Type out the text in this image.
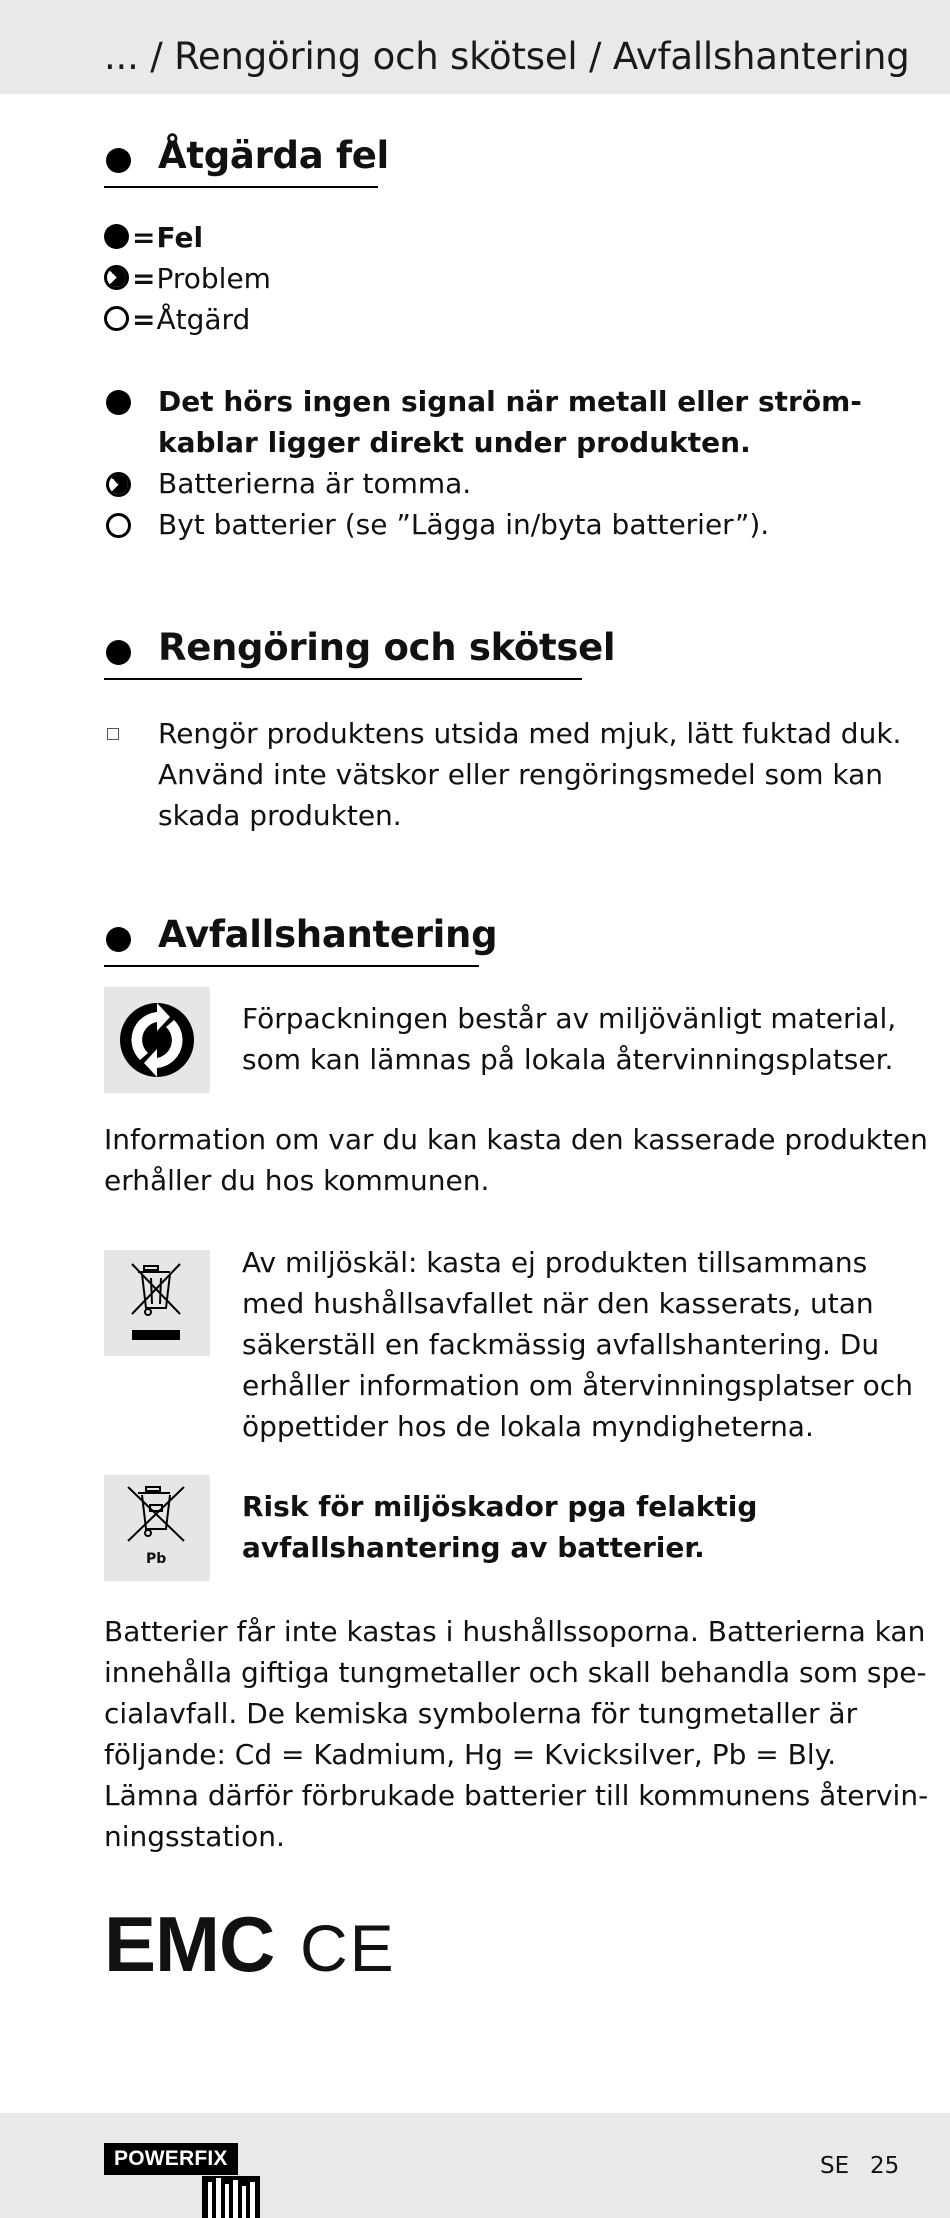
... / Rengöring och skötsel / Avfallshantering
Åtgärda fel
=Fel
=Problem
=Åtgärd
Det hörs ingen signal när metall eller ström-
kablar ligger direkt under produkten.
Batterierna är tomma.
Byt batterier (se ”Lägga in/byta batterier”).
Rengöring och skötsel
Rengör produktens utsida med mjuk, lätt fuktad duk.
Använd inte vätskor eller rengöringsmedel som kan
skada produkten.
Avfallshantering
Förpackningen består av miljövänligt material,
som kan lämnas på lokala återvinningsplatser.
Information om var du kan kasta den kasserade produkten
erhåller du hos kommunen.
Av miljöskäl: kasta ej produkten tillsammans
med hushållsavfallet när den kasserats, utan
säkerställ en fackmässig avfallshantering. Du
erhåller information om återvinningsplatser och
öppettider hos de lokala myndigheterna.
Pb
Risk för miljöskador pga felaktig
avfallshantering av batterier.
Batterier får inte kastas i hushållssoporna. Batterierna kan
innehålla giftiga tungmetaller och skall behandla som spe-
cialavfall. De kemiska symbolerna för tungmetaller är
följande: Cd = Kadmium, Hg = Kvicksilver, Pb = Bly.
Lämna därför förbrukade batterier till kommunens återvin-
ningsstation.
EMC CE
POWERFIX	SE 25
